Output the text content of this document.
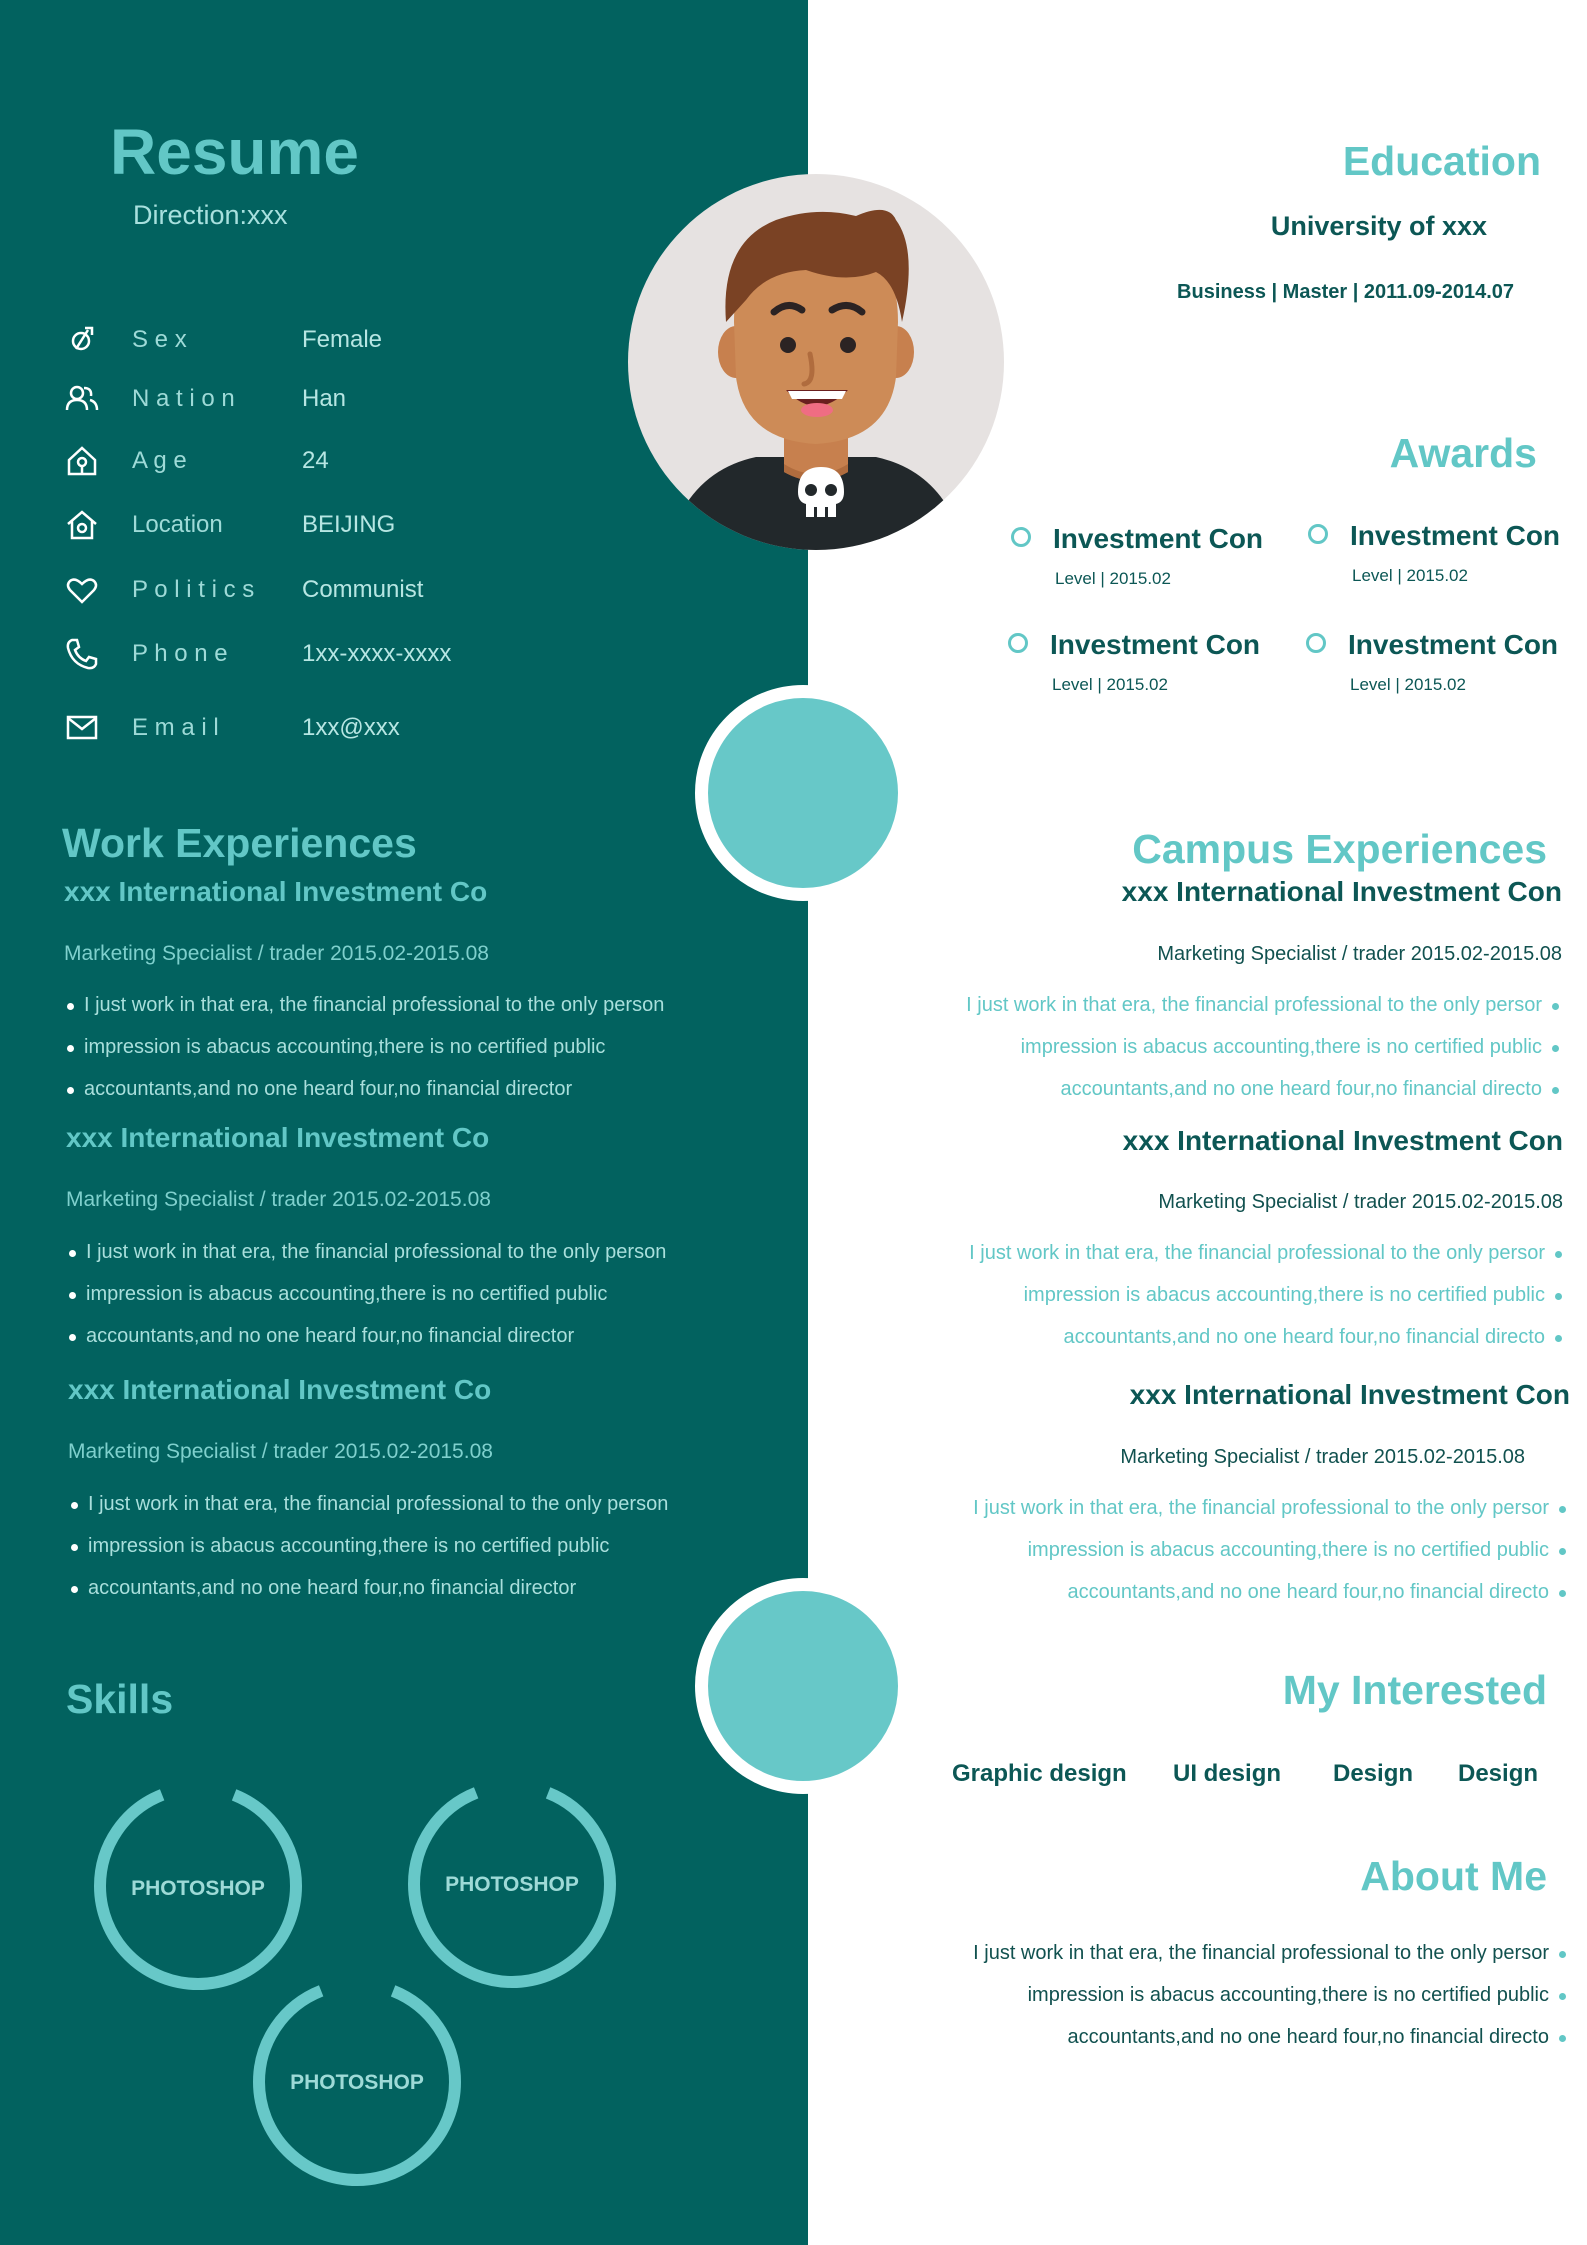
Resume
Direction:xxx
S e x	Female
N a t i o n	Han
A g e	24
Location	BEIJING
P o l i t i c s Communist
P h o n e	1xx-xxxx-xxxx
E m a i l	1xx@xxx
Work Experiences
xxx International Investment Co
Marketing Specialist / trader 2015.02-2015.08
I just work in that era, the financial professional to the only person
impression is abacus accounting,there is no certified public
accountants,and no one heard four,no financial director
xxx International Investment Co
Marketing Specialist / trader 2015.02-2015.08
I just work in that era, the financial professional to the only person
impression is abacus accounting,there is no certified public
accountants,and no one heard four,no financial director
xxx International Investment Co
Marketing Specialist / trader 2015.02-2015.08
I just work in that era, the financial professional to the only person
impression is abacus accounting,there is no certified public
accountants,and no one heard four,no financial director
Skills
PHOTOSHOP	PHOTOSHOP
PHOTOSHOP
Education
University of xxx
Business | Master | 2011.09-2014.07
Awards
Investment Con
Level | 2015.02
Investment Con
Level | 2015.02
Investment Con
Level | 2015.02
Investment Con
Level | 2015.02
Campus Experiences
xxx International Investment Con
Marketing Specialist / trader 2015.02-2015.08
I just work in that era, the financial professional to the only persor
impression is abacus accounting,there is no certified public
accountants,and no one heard four,no financial directo
xxx International Investment Con
Marketing Specialist / trader 2015.02-2015.08
I just work in that era, the financial professional to the only persor
impression is abacus accounting,there is no certified public
accountants,and no one heard four,no financial directo
xxx International Investment Con
Marketing Specialist / trader 2015.02-2015.08
I just work in that era, the financial professional to the only persor
impression is abacus accounting,there is no certified public
accountants,and no one heard four,no financial directo
My Interested
Graphic design UI design Design Design
About Me
I just work in that era, the financial professional to the only persor
impression is abacus accounting,there is no certified public
accountants,and no one heard four,no financial directo
